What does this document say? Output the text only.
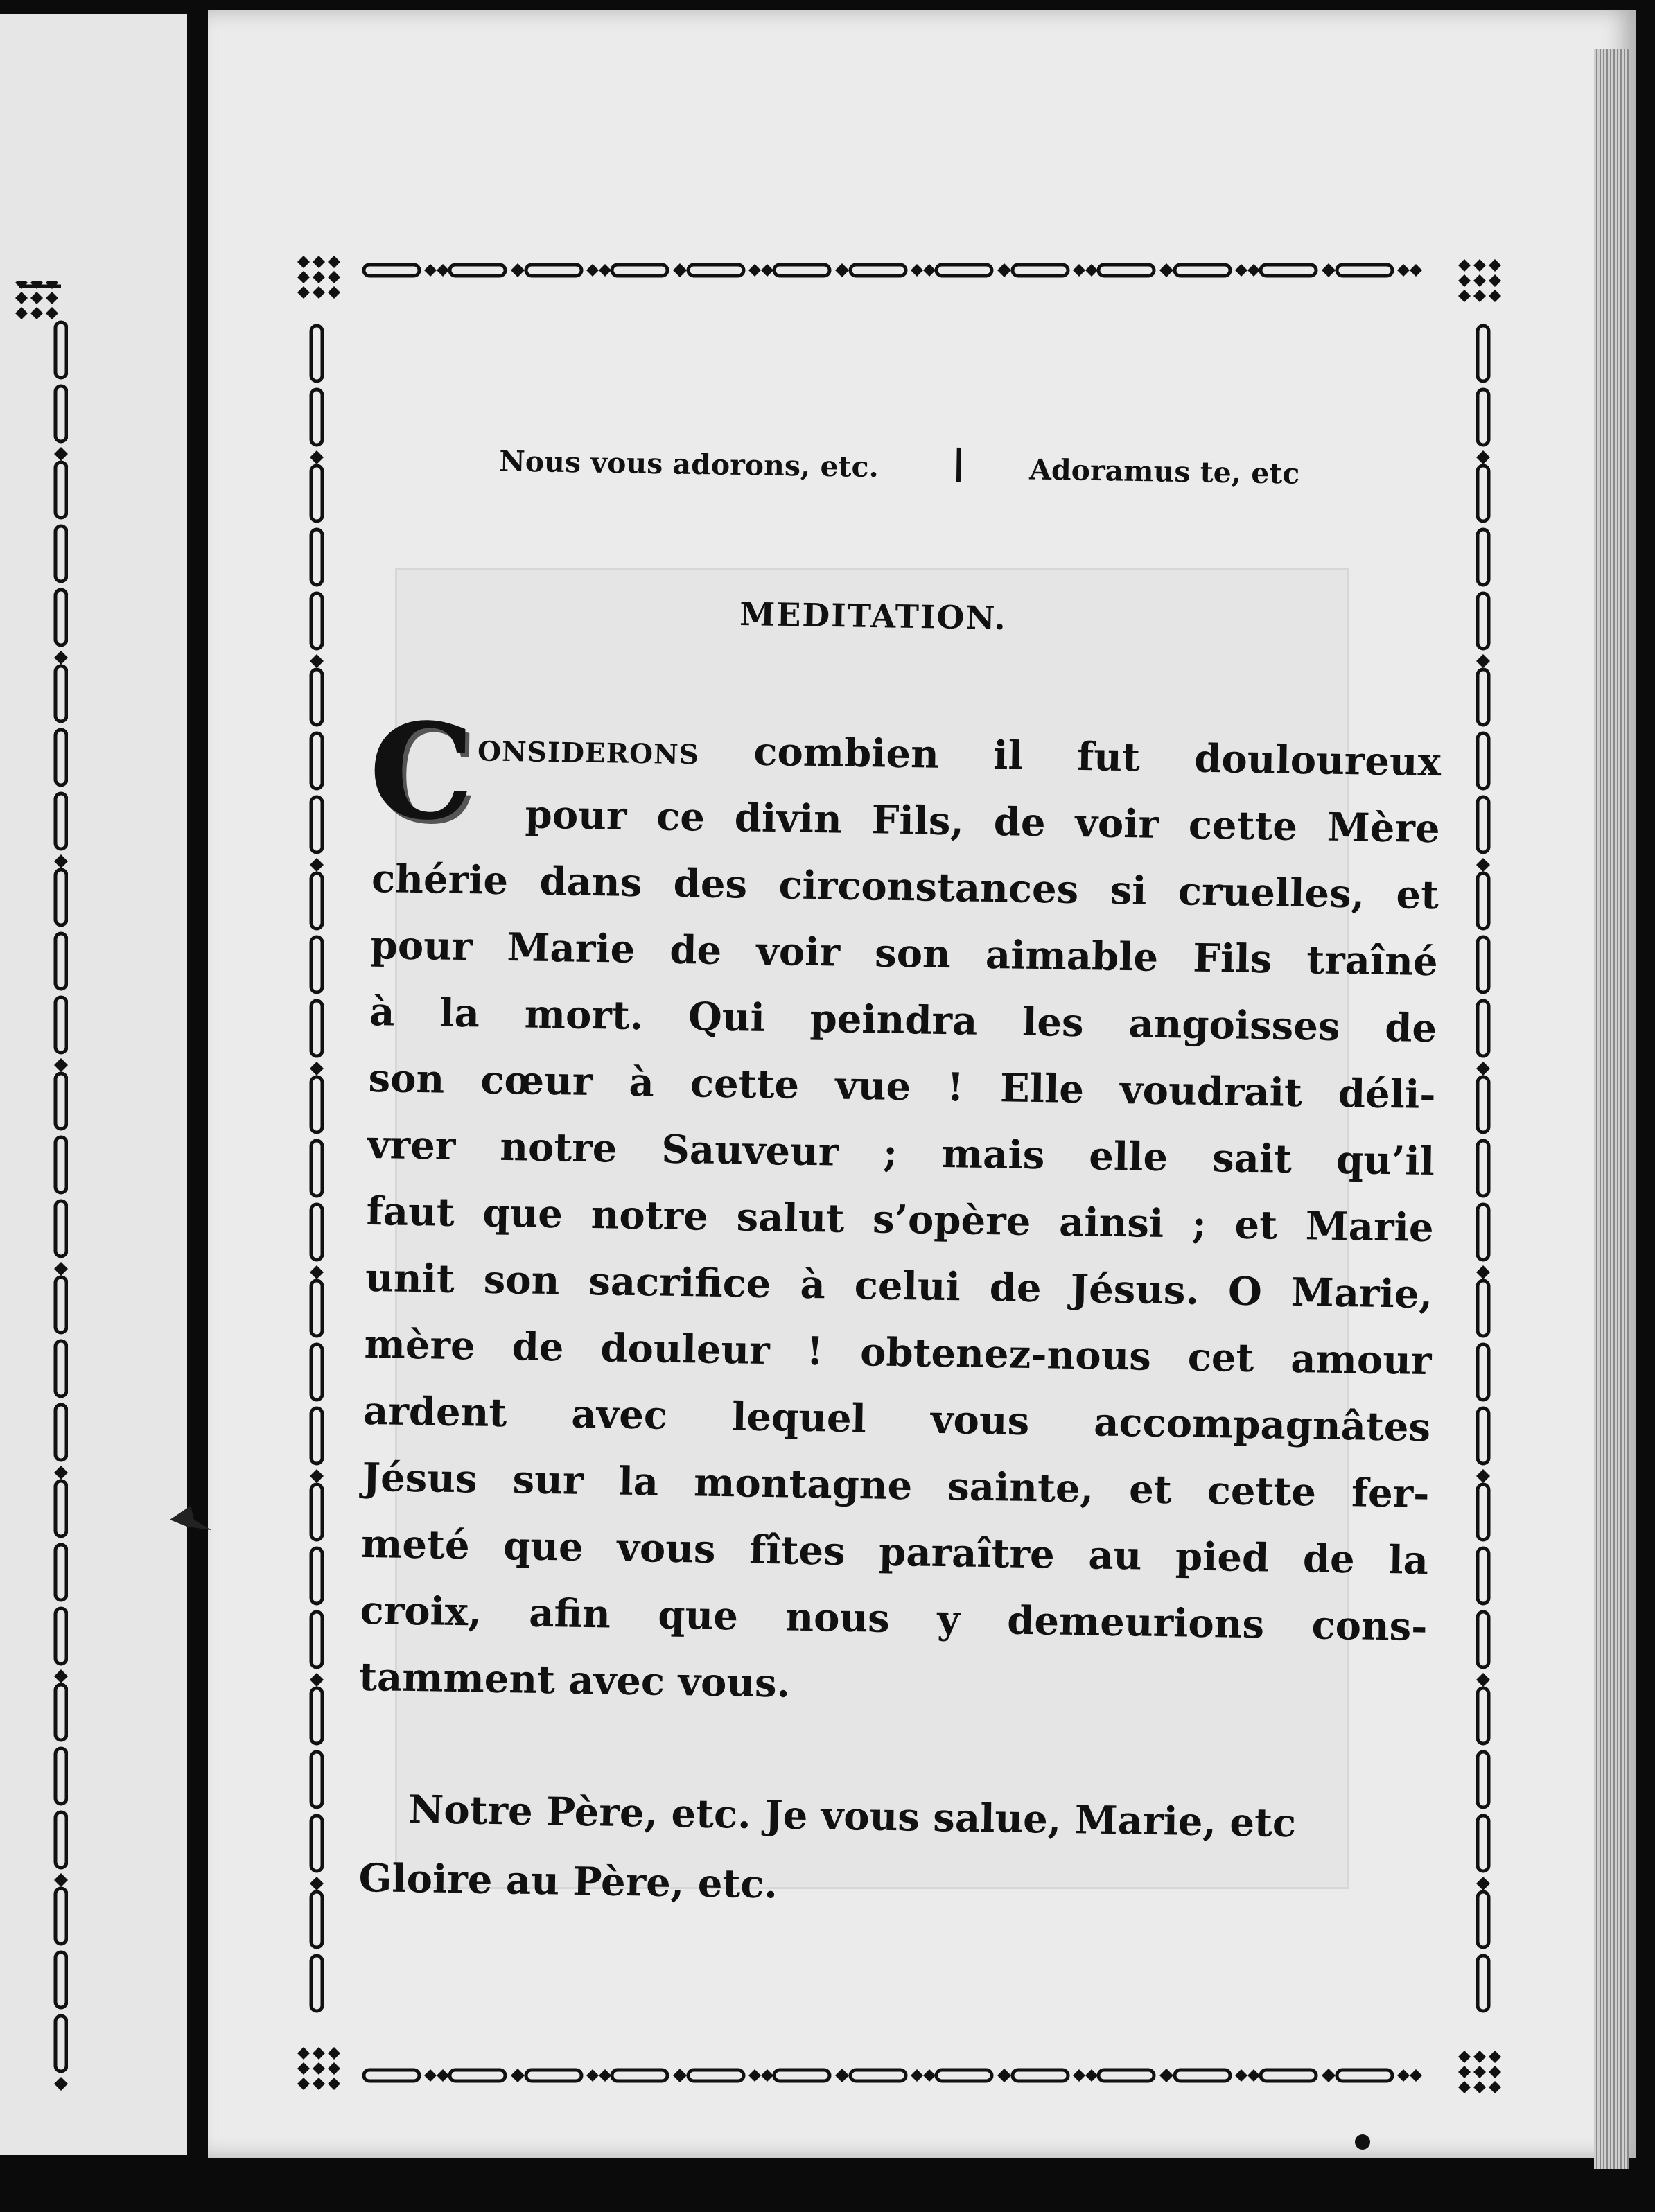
Nous vous adorons, etc.	Adoramus te, etc
MEDITATION.
C onsiderons combien il fut douloureux
pour ce divin Fils, de voir cette Mère
chérie dans des circonstances si cruelles, et
pour Marie de voir son aimable Fils traîné
à la mort. Qui peindra les angoisses de
son cœur à cette vue ! Elle voudrait déli-
vrer notre Sauveur ; mais elle sait qu’il
faut que notre salut s’opère ainsi ; et Marie
unit son sacrifice à celui de Jésus. O Marie,
mère de douleur ! obtenez-nous cet amour
ardent avec lequel vous accompagnâtes
Jésus sur la montagne sainte, et cette fer-
meté que vous fîtes paraître au pied de la
croix, afin que nous y demeurions cons-
tamment avec vous.
Notre Père, etc. Je vous salue, Marie, etc
Gloire au Père, etc.
